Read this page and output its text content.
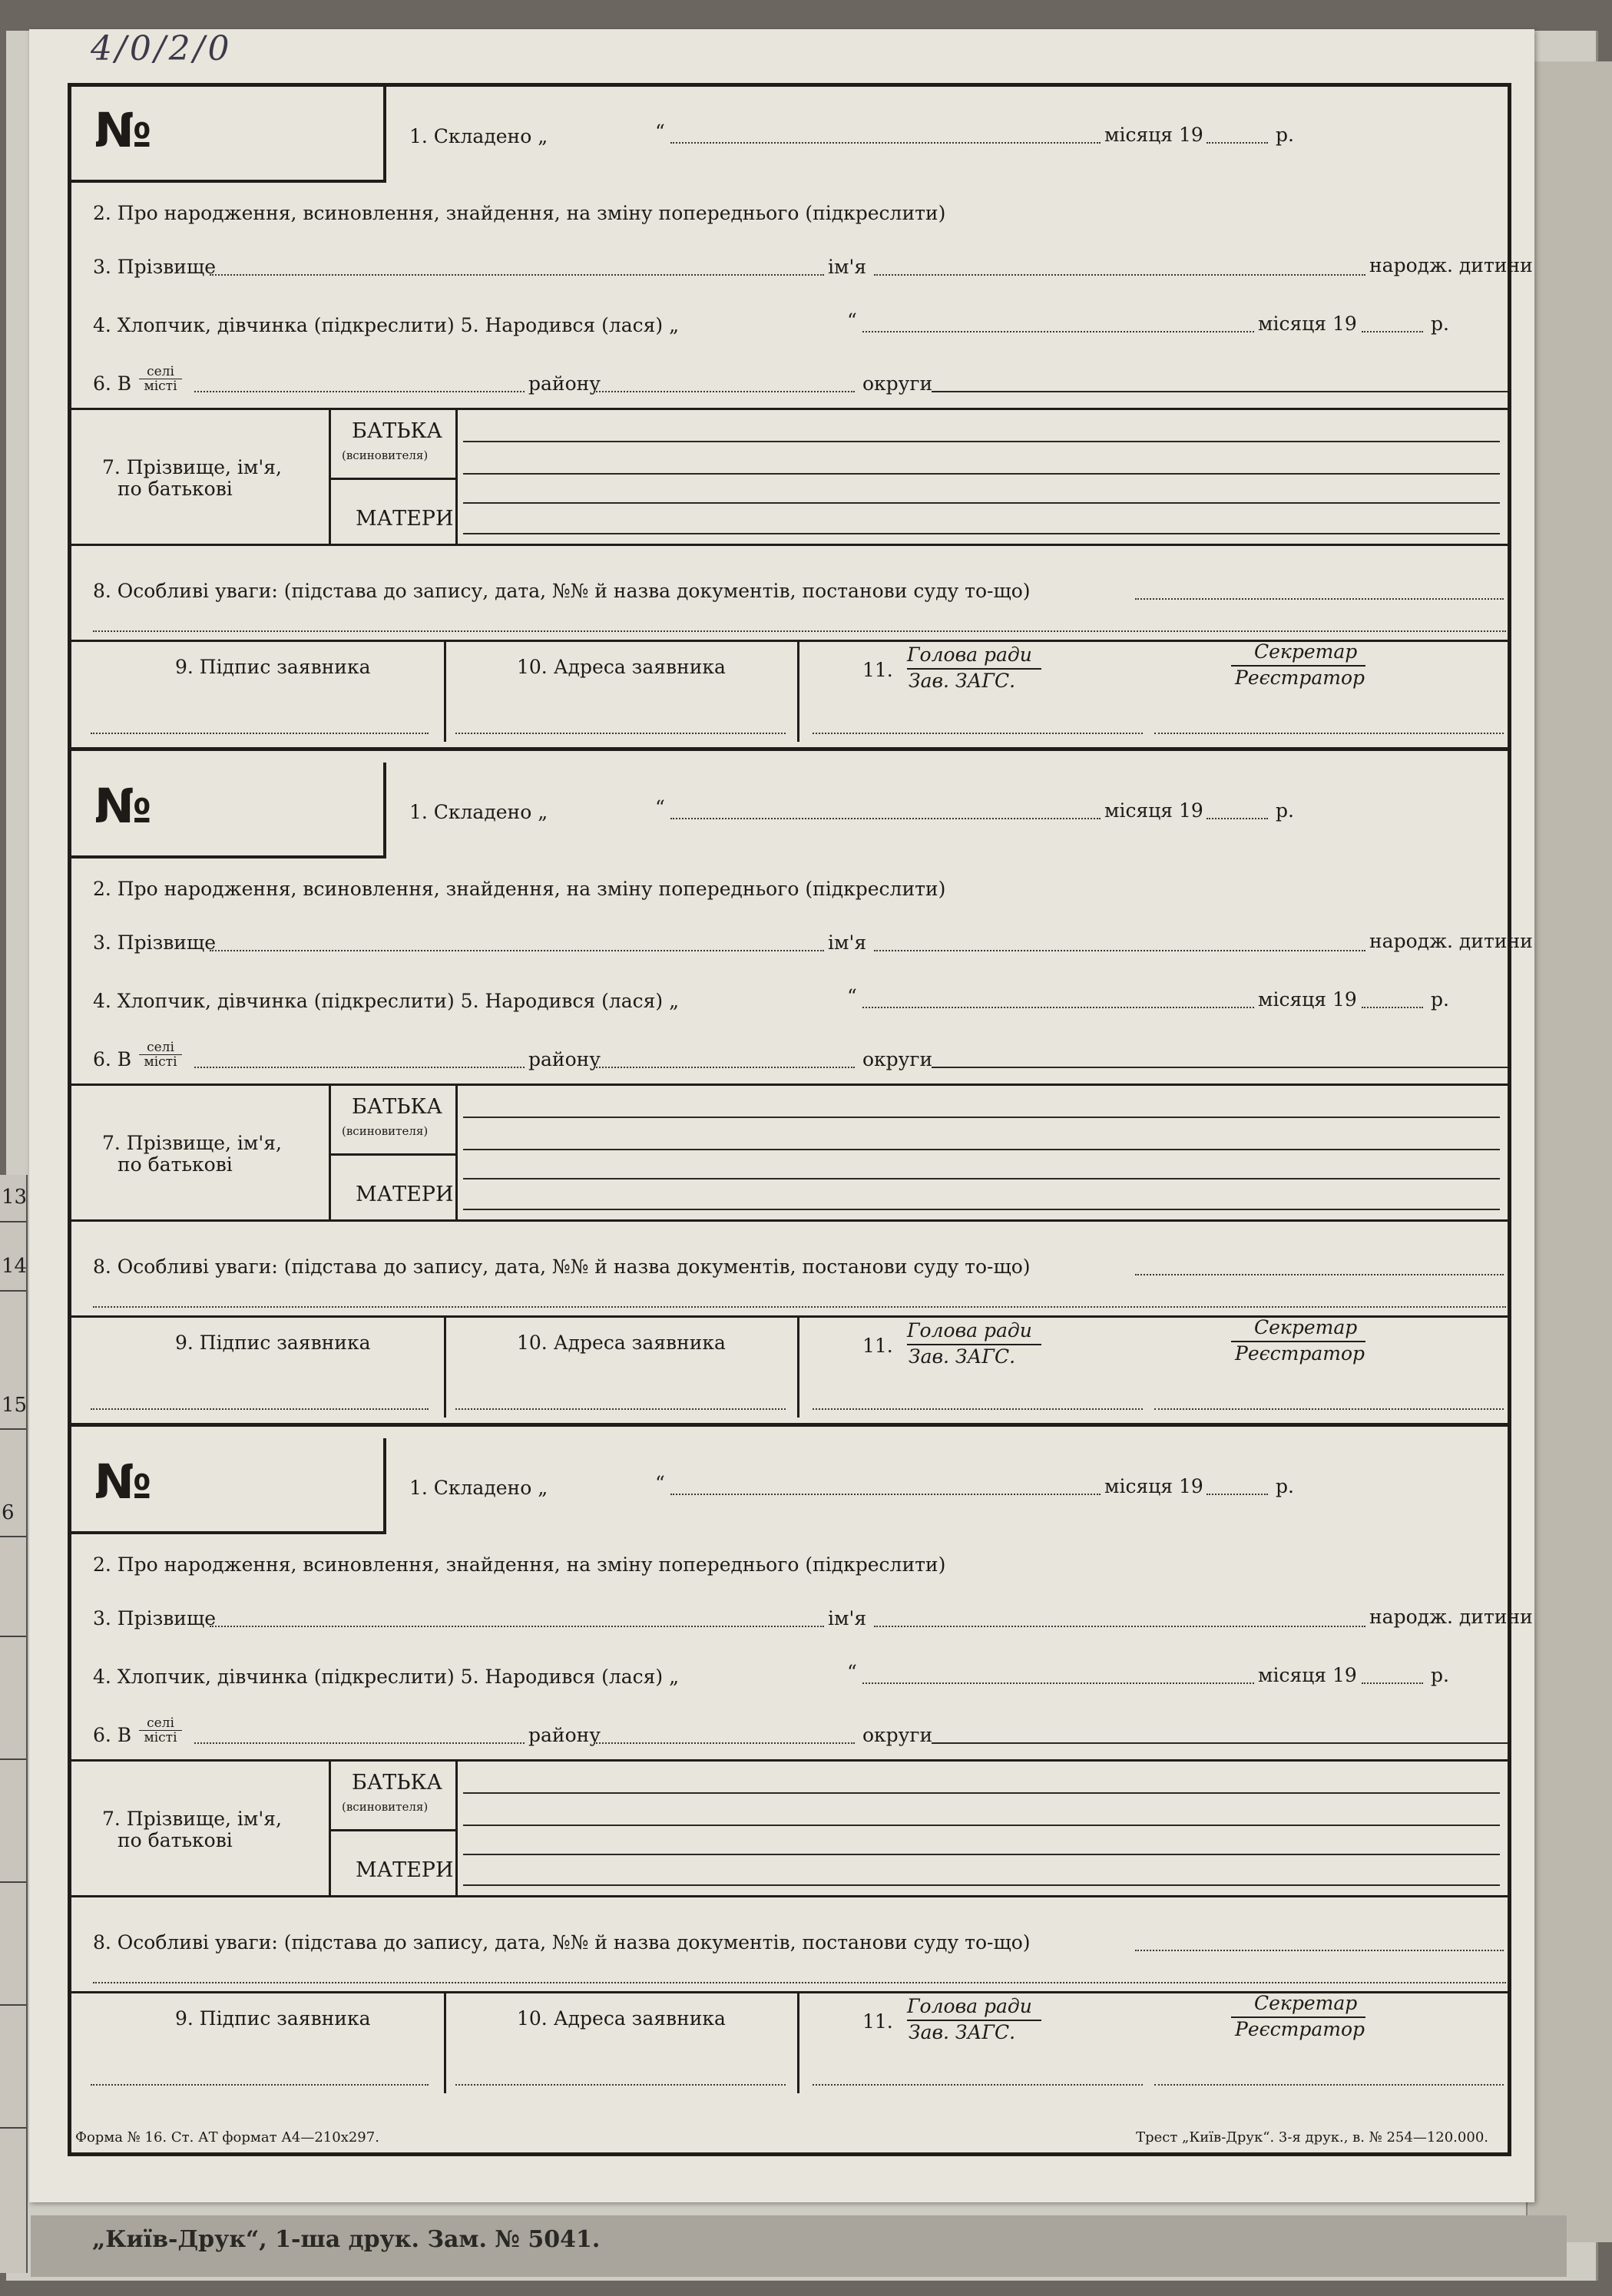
13
14
15
6
„Київ-Друк“, 1-ша друк. Зам. № 5041.
4/0/2/0
№	1. Складено „	“	місяця 19	р.
2. Про народження, всиновлення, знайдення, на зміну попереднього (підкреслити)
3. Прізвище	ім'я	народж. дитини
4. Хлопчик, дівчинка (підкреслити) 5. Народився (лася) „	“	місяця 19	р.
6. В
селі
місті	району	округи
7. Прізвище, ім'я,
по батькові
БАТЬКА
(всиновителя)
МАТЕРИ
8. Особливі уваги: (підстава до запису, дата, №№ й назва документів, постанови суду то-що)
9. Підпис заявника	10. Адреса заявника	11.
Голова ради
Зав. ЗАГС.
Секретар
Реєстратор
№	1. Складено „	“	місяця 19	р.
2. Про народження, всиновлення, знайдення, на зміну попереднього (підкреслити)
3. Прізвище	ім'я	народж. дитини
4. Хлопчик, дівчинка (підкреслити) 5. Народився (лася) „	“	місяця 19	р.
6. В
селі
місті	району	округи
7. Прізвище, ім'я,
по батькові
БАТЬКА
(всиновителя)
МАТЕРИ
8. Особливі уваги: (підстава до запису, дата, №№ й назва документів, постанови суду то-що)
9. Підпис заявника	10. Адреса заявника	11.
Голова ради
Зав. ЗАГС.
Секретар
Реєстратор
№	1. Складено „	“	місяця 19	р.
2. Про народження, всиновлення, знайдення, на зміну попереднього (підкреслити)
3. Прізвище	ім'я	народж. дитини
4. Хлопчик, дівчинка (підкреслити) 5. Народився (лася) „	“	місяця 19	р.
6. В
селі
місті	району	округи
7. Прізвище, ім'я,
по батькові
БАТЬКА
(всиновителя)
МАТЕРИ
8. Особливі уваги: (підстава до запису, дата, №№ й назва документів, постанови суду то-що)
9. Підпис заявника	10. Адреса заявника	11.
Голова ради
Зав. ЗАГС.
Секретар
Реєстратор
Форма № 16. Ст. АТ формат А4—210x297.	Трест „Київ-Друк“. 3-я друк., в. № 254—120.000.
